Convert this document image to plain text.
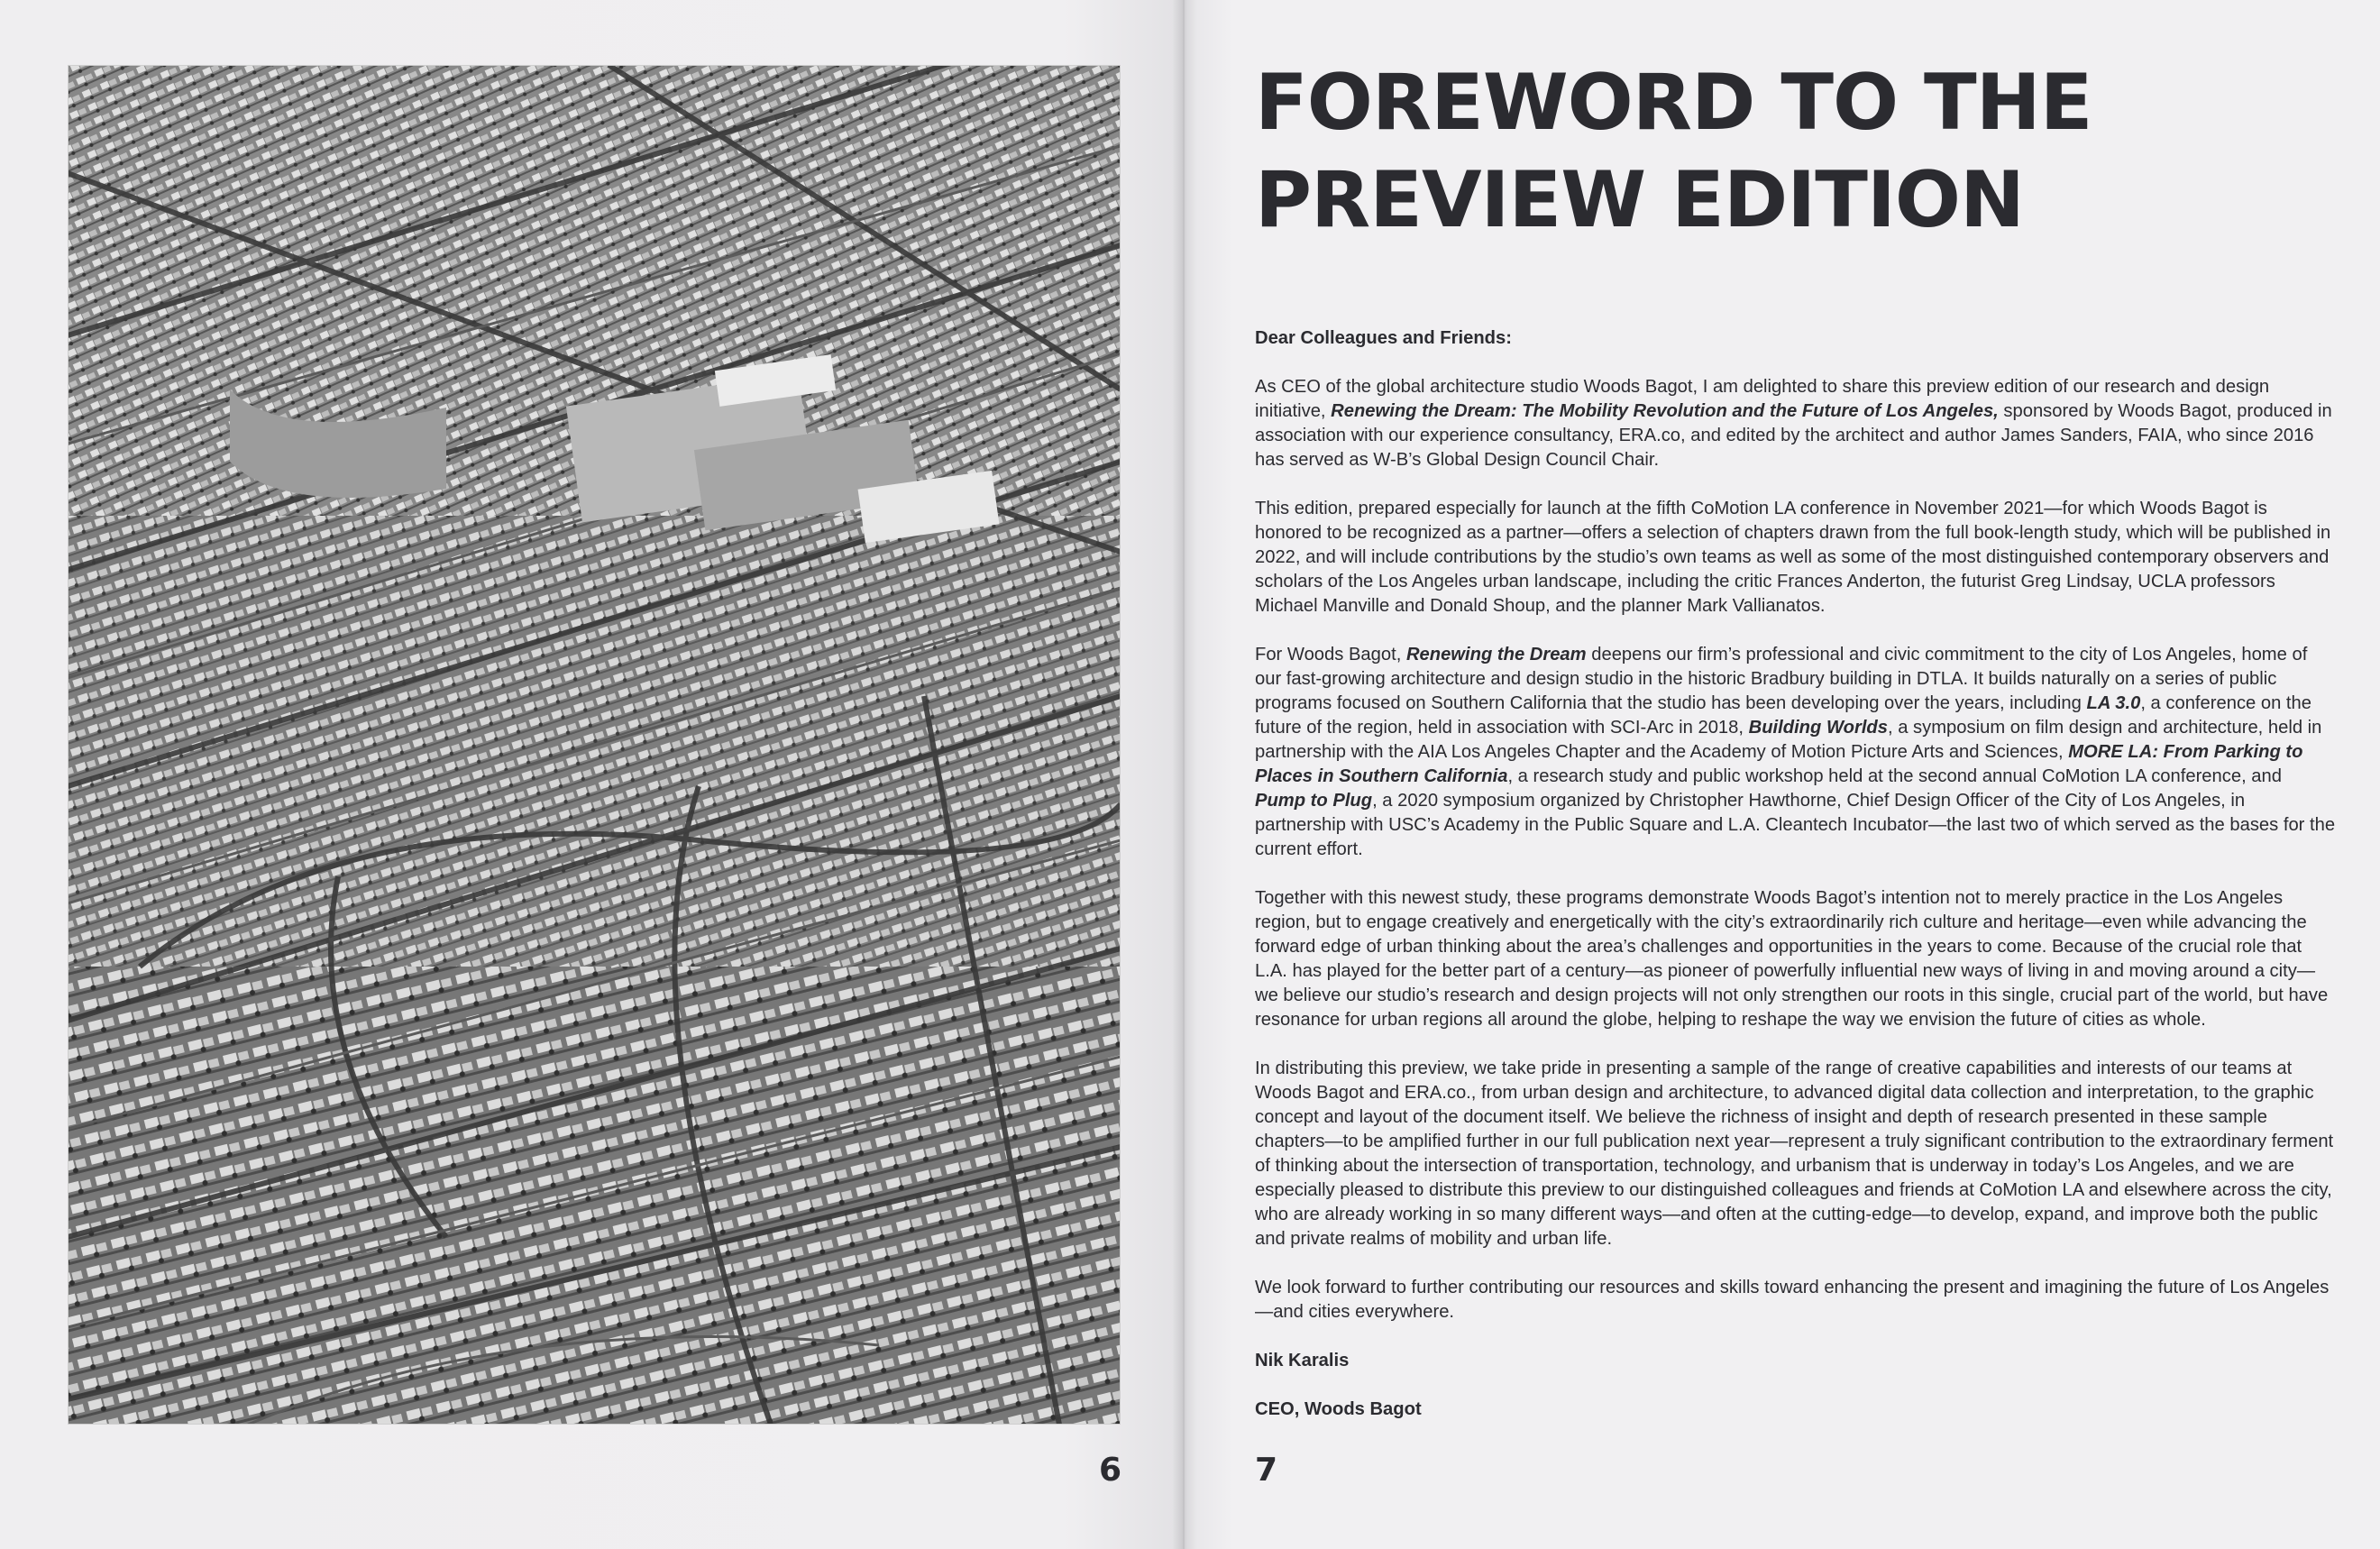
6
FOREWORD TO THE
PREVIEW EDITION

Dear Colleagues and Friends:

As CEO of the global architecture studio Woods Bagot, I am delighted to share this preview edition of our research and design initiative, Renewing the Dream: The Mobility Revolution and the Future of Los Angeles, sponsored by Woods Bagot, produced in association with our experience consultancy, ERA.co, and edited by the architect and author James Sanders, FAIA, who since 2016 has served as W-B’s Global Design Council Chair.

This edition, prepared especially for launch at the fifth CoMotion LA conference in November 2021—for which Woods Bagot is honored to be recognized as a partner—offers a selection of chapters drawn from the full book-length study, which will be published in 2022, and will include contributions by the studio’s own teams as well as some of the most distinguished contemporary observers and scholars of the Los Angeles urban landscape, including the critic Frances Anderton, the futurist Greg Lindsay, UCLA professors Michael Manville and Donald Shoup, and the planner Mark Vallianatos.

For Woods Bagot, Renewing the Dream deepens our firm’s professional and civic commitment to the city of Los Angeles, home of our fast-growing architecture and design studio in the historic Bradbury building in DTLA. It builds naturally on a series of public programs focused on Southern California that the studio has been developing over the years, including LA 3.0, a conference on the future of the region, held in association with SCI-Arc in 2018, Building Worlds, a symposium on film design and architecture, held in partnership with the AIA Los Angeles Chapter and the Academy of Motion Picture Arts and Sciences, MORE LA: From Parking to Places in Southern California, a research study and public workshop held at the second annual CoMotion LA conference, and Pump to Plug, a 2020 symposium organized by Christopher Hawthorne, Chief Design Officer of the City of Los Angeles, in partnership with USC’s Academy in the Public Square and L.A. Cleantech Incubator—the last two of which served as the bases for the current effort.

Together with this newest study, these programs demonstrate Woods Bagot’s intention not to merely practice in the Los Angeles region, but to engage creatively and energetically with the city’s extraordinarily rich culture and heritage—even while advancing the forward edge of urban thinking about the area’s challenges and opportunities in the years to come. Because of the crucial role that L.A. has played for the better part of a century—as pioneer of powerfully influential new ways of living in and moving around a city—we believe our studio’s research and design projects will not only strengthen our roots in this single, crucial part of the world, but have resonance for urban regions all around the globe, helping to reshape the way we envision the future of cities as whole.

In distributing this preview, we take pride in presenting a sample of the range of creative capabilities and interests of our teams at Woods Bagot and ERA.co., from urban design and architecture, to advanced digital data collection and interpretation, to the graphic concept and layout of the document itself. We believe the richness of insight and depth of research presented in these sample chapters—to be amplified further in our full publication next year—represent a truly significant contribution to the extraordinary ferment of thinking about the intersection of transportation, technology, and urbanism that is underway in today’s Los Angeles, and we are especially pleased to distribute this preview to our distinguished colleagues and friends at CoMotion LA and elsewhere across the city, who are already working in so many different ways—and often at the cutting-edge—to develop, expand, and improve both the public and private realms of mobility and urban life.

We look forward to further contributing our resources and skills toward enhancing the present and imagining the future of Los Angeles—and cities everywhere.

Nik Karalis

CEO, Woods Bagot

7
